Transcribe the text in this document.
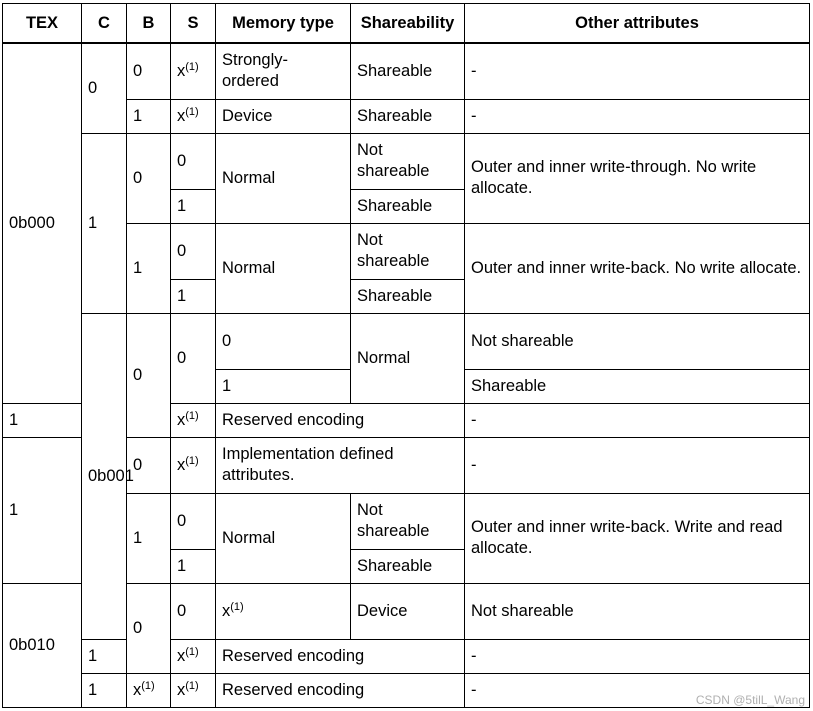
TEX	C	B	S	Memory type	Shareability	Other attributes	
0b000	0	0	$x^{(1)}$	Strongly-ordered	Shareable	-	
		1	$x^{(1)}$	Device	Shareable	-	
	1	0	0	Normal	Not shareable	Outer and inner write-through. No write allocate.	
			1		Shareable		
		1	0	Normal	Not shareable	Outer and inner write-back. No write allocate.	
			1		Shareable		
	0b001	0	0	0	Normal	Not shareable	
				1		Shareable	
1			$x^{(1)}$	Reserved encoding		-	
1		0	$x^{(1)}$	Implementation defined attributes.		-	
		1	0	Normal	Not shareable	Outer and inner write-back. Write and read allocate.	
			1		Shareable		
0b010		0	0	$x^{(1)}$	Device	Not shareable	
	1		$x^{(1)}$	Reserved encoding		-	
	1	$x^{(1)}$	$x^{(1)}$	Reserved encoding		-	
CSDN @5tilL_Wang
